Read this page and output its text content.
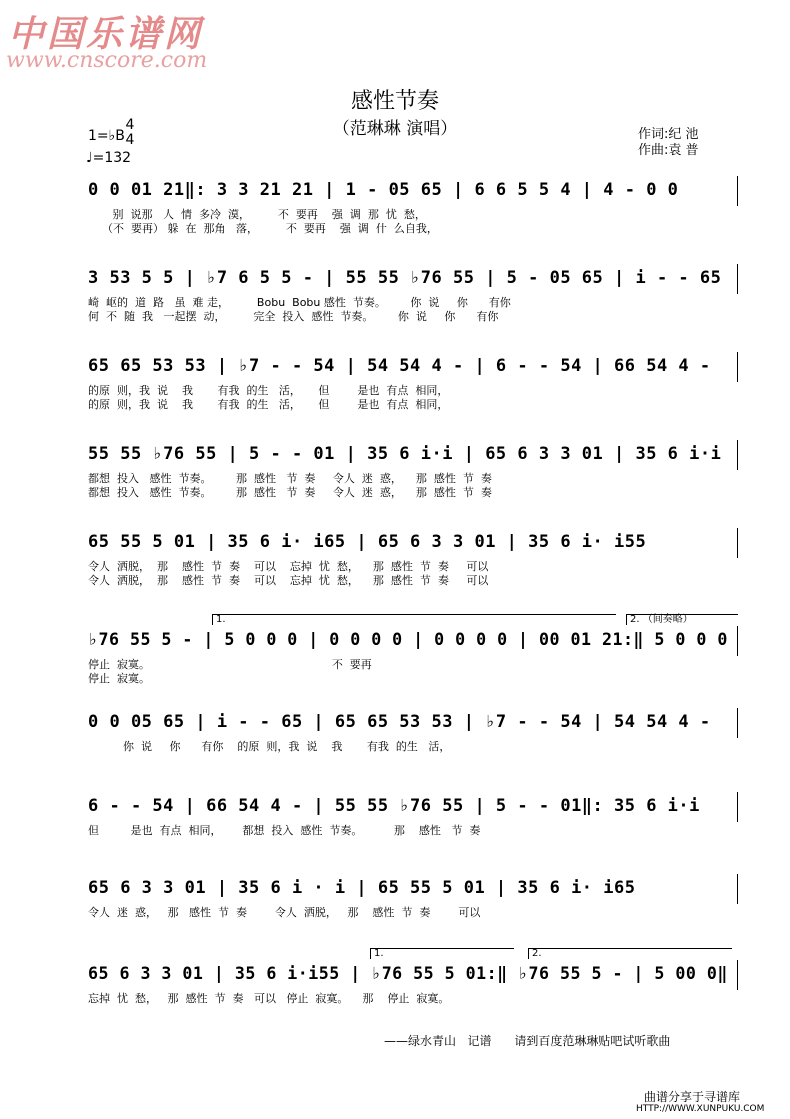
中国乐谱网
www.cnscore.com
感性节奏
（范琳琳 演唱）
1=♭B
4
4
♩=132
作词:纪 池
作曲:袁 普
0 0 01 21‖: 3 3 21 21 | 1 - 05 65 | 6 6 5 5 4 | 4 - 0 0
别  说那   人  情  多冷  漠，        不  要再    强  调  那  忧  愁，
（不  要再） 躲  在  那角   落，        不  要再    强  调  什  么自我，
3 53 5 5 | ♭7 6 5 5 - | 55 55 ♭76 55 | 5 - 05 65 | i - - 65
崎  岖的  道  路   虽  难 走，        Bobu  Bobu 感性  节奏。       你  说     你      有你
何  不  随  我   一起摆  动，        完全  投入  感性  节奏。       你  说     你      有你
65 65 53 53 | ♭7 - - 54 | 54 54 4 - | 6 - - 54 | 66 54 4 -
的原  则，我  说    我       有我  的生   活，     但        是也  有点  相同，
的原  则，我  说    我       有我  的生   活，     但        是也  有点  相同，
55 55 ♭76 55 | 5 - - 01 | 35 6 i·i | 65 6 3 3 01 | 35 6 i·i
都想  投入   感性  节奏。       那  感性   节  奏     令人  迷  惑，    那  感性  节  奏
都想  投入   感性  节奏。       那  感性   节  奏     令人  迷  惑，    那  感性  节  奏
65 55 5 01 | 35 6 i· i65 | 65 6 3 3 01 | 35 6 i· i55
令人  洒脱，  那    感性  节  奏    可以    忘掉  忧  愁，    那  感性  节  奏     可以
令人  洒脱，  那    感性  节  奏    可以    忘掉  忧  愁，    那  感性  节  奏     可以
♭76 55 5 - | 5 0 0 0 | 0 0 0 0 | 0 0 0 0 | 00 01 21:‖ 5 0 0 0
停止  寂寞。                                                    不  要再
停止  寂寞。
1.	2. （间奏略）
0 0 05 65 | i - - 65 | 65 65 53 53 | ♭7 - - 54 | 54 54 4 -
你  说     你      有你    的原  则，我  说    我       有我  的生   活，
6 - - 54 | 66 54 4 - | 55 55 ♭76 55 | 5 - - 01‖: 35 6 i·i
但         是也  有点  相同，      都想  投入  感性  节奏。         那    感性   节  奏
65 6 3 3 01 | 35 6 i · i | 65 55 5 01 | 35 6 i· i65
令人  迷  惑，   那   感性  节  奏        令人  洒脱，   那    感性  节  奏        可以
65 6 3 3 01 | 35 6 i·i55 | ♭76 55 5 01:‖ ♭76 55 5 - | 5 00 0‖
忘掉  忧  愁，   那  感性  节  奏   可以   停止  寂寞。    那    停止  寂寞。
1.	2.
——绿水青山   记谱      请到百度范琳琳贴吧试听歌曲
曲谱分享于寻谱库
HTTP://WWW.XUNPUKU.COM
